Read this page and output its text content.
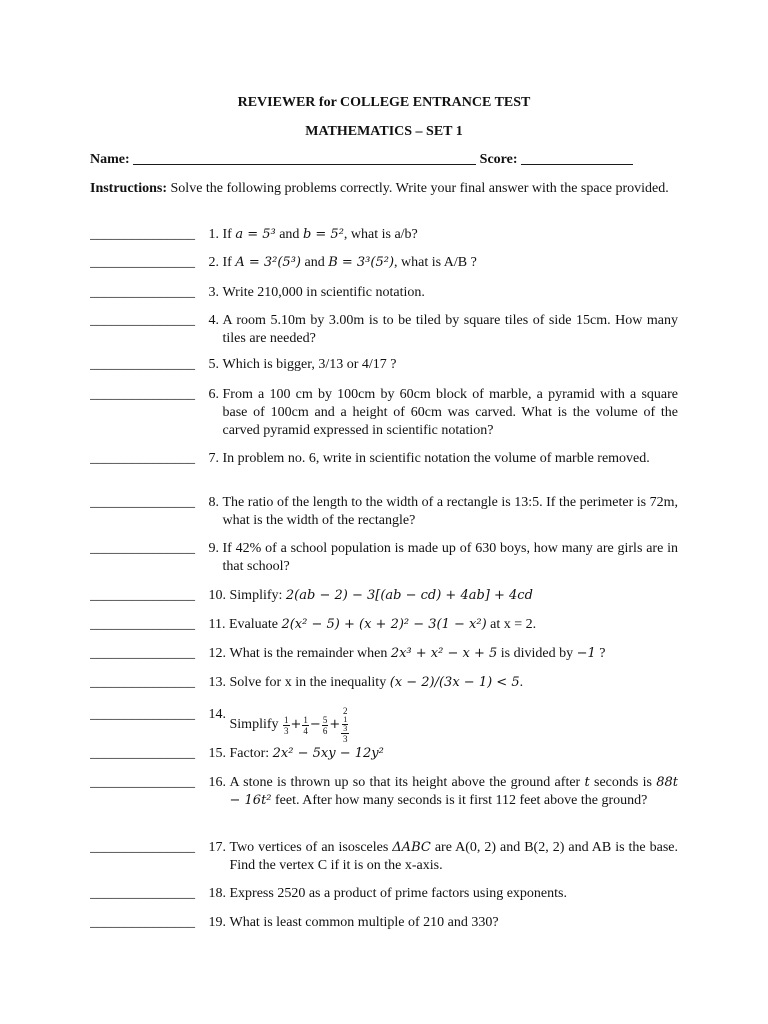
REVIEWER for COLLEGE ENTRANCE TEST
MATHEMATICS – SET 1
Name:
_________________________________________________
Score:
________________
Instructions: Solve the following problems correctly. Write your final answer with the space provided.
_______________ 1. If a = 5³ and b = 5², what is a/b?
_______________ 2. If A = 3²(5³) and B = 3³(5²), what is A/B ?
_______________ 3. Write 210,000 in scientific notation.
_______________ 4. A room 5.10m by 3.00m is to be tiled by square tiles of side 15cm. How many tiles are needed?
_______________ 5. Which is bigger, 3/13 or 4/17 ?
_______________ 6. From a 100 cm by 100cm by 60cm block of marble, a pyramid with a square base of 100cm and a height of 60cm was carved. What is the volume of the carved pyramid expressed in scientific notation?
_______________ 7. In problem no. 6, write in scientific notation the volume of marble removed.
_______________ 8. The ratio of the length to the width of a rectangle is 13:5. If the perimeter is 72m, what is the width of the rectangle?
_______________ 9. If 42% of a school population is made up of 630 boys, how many are girls are in that school?
_______________ 10. Simplify: 2(ab − 2) − 3[(ab − cd) + 4ab] + 4cd
_______________ 11. Evaluate 2(x² − 5) + (x + 2)² − 3(1 − x²) at x = 2.
_______________ 12. What is the remainder when 2x³ + x² − x + 5 is divided by −1 ?
_______________ 13. Solve for x in the inequality (x − 2)/(3x − 1) < 5.
_______________ 14.
Simplify $\frac{1}{3} + \frac{1}{4} - \frac{5}{6} + 2$
1
3
3
_______________ 15. Factor: 2x² − 5xy − 12y²
_______________ 16. A stone is thrown up so that its height above the ground after t seconds is 88t − 16t² feet. After how many seconds is it first 112 feet above the ground?
_______________ 17. Two vertices of an isosceles ΔABC are A(0, 2) and B(2, 2) and AB is the base. Find the vertex C if it is on the x-axis.
_______________ 18. Express 2520 as a product of prime factors using exponents.
_______________ 19. What is least common multiple of 210 and 330?
